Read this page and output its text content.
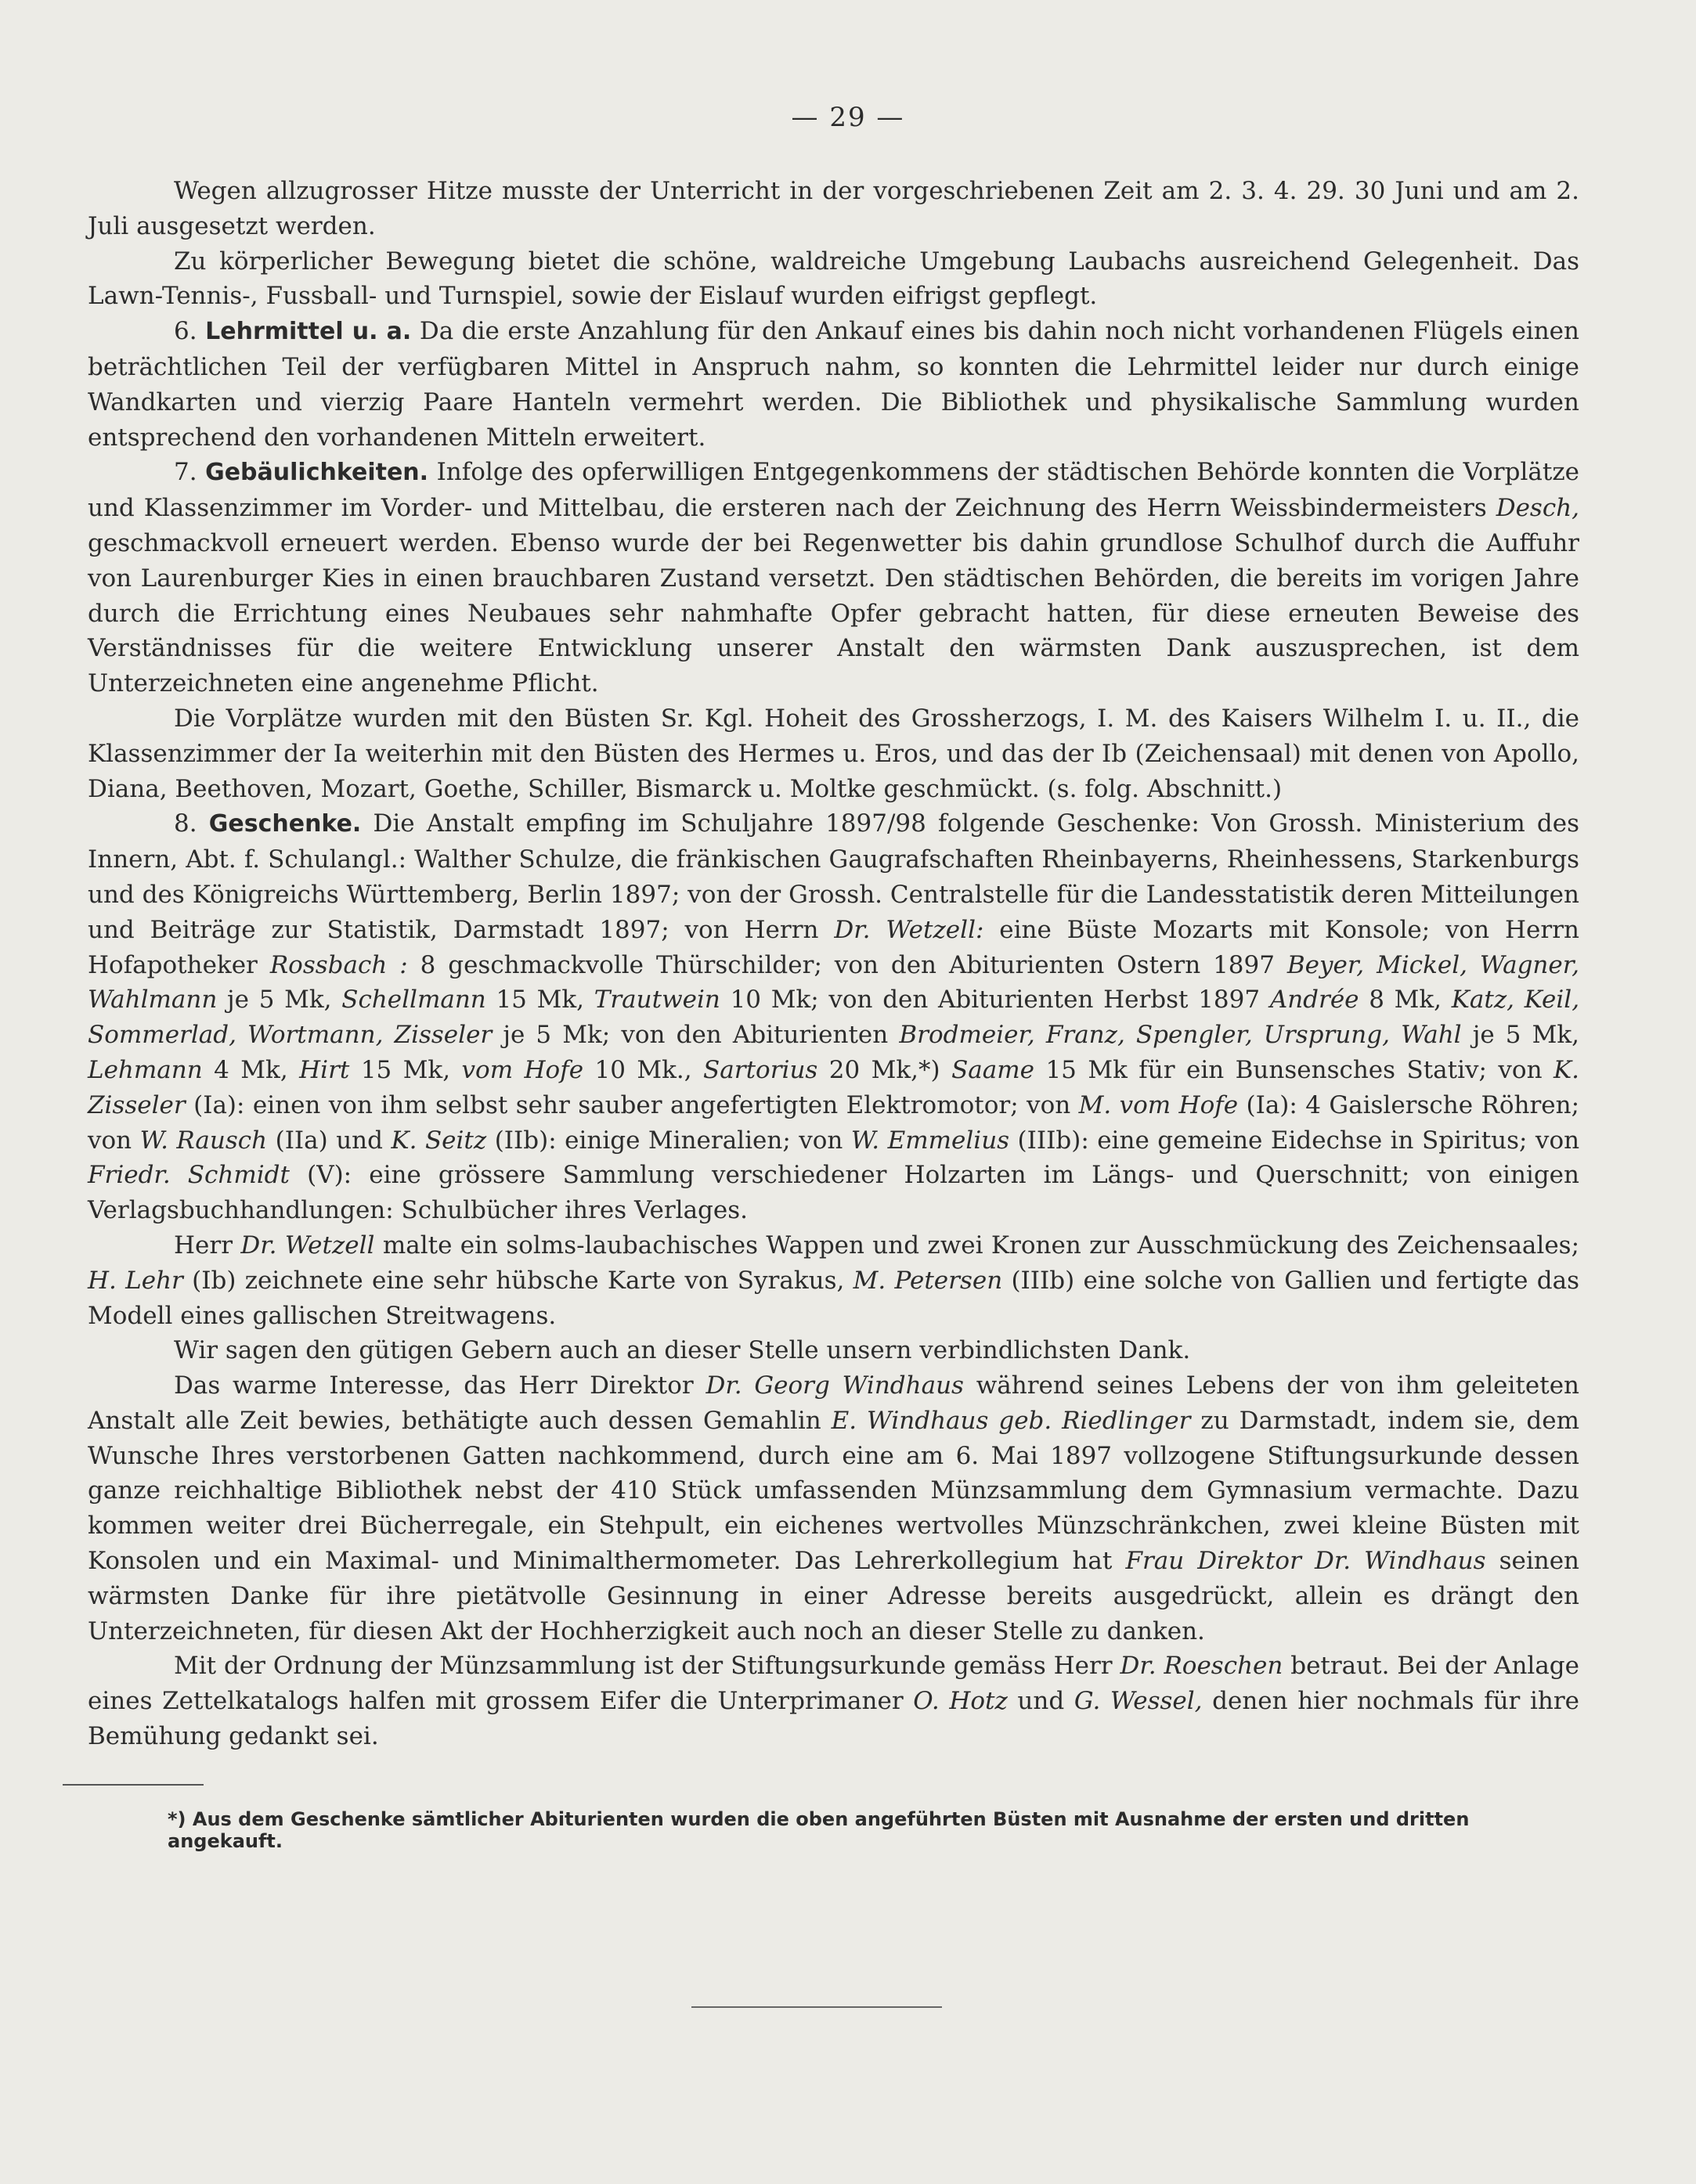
— 29 —

Wegen allzugrosser Hitze musste der Unterricht in der vorgeschriebenen Zeit am 2. 3. 4. 29. 30 Juni und am 2. Juli ausgesetzt werden.

Zu körperlicher Bewegung bietet die schöne, waldreiche Umgebung Laubachs ausreichend Gelegenheit. Das Lawn-Tennis-, Fussball- und Turnspiel, sowie der Eislauf wurden eifrigst gepflegt.

6. Lehrmittel u. a. Da die erste Anzahlung für den Ankauf eines bis dahin noch nicht vorhandenen Flügels einen beträchtlichen Teil der verfügbaren Mittel in Anspruch nahm, so konnten die Lehrmittel leider nur durch einige Wandkarten und vierzig Paare Hanteln vermehrt werden. Die Bibliothek und physikalische Sammlung wurden entsprechend den vorhandenen Mitteln erweitert.

7. Gebäulichkeiten. Infolge des opferwilligen Entgegenkommens der städtischen Behörde konnten die Vorplätze und Klassenzimmer im Vorder- und Mittelbau, die ersteren nach der Zeichnung des Herrn Weissbindermeisters Desch, geschmackvoll erneuert werden. Ebenso wurde der bei Regenwetter bis dahin grundlose Schulhof durch die Auffuhr von Laurenburger Kies in einen brauchbaren Zustand versetzt. Den städtischen Behörden, die bereits im vorigen Jahre durch die Errichtung eines Neubaues sehr nahmhafte Opfer gebracht hatten, für diese erneuten Beweise des Verständnisses für die weitere Entwicklung unserer Anstalt den wärmsten Dank auszusprechen, ist dem Unterzeichneten eine angenehme Pflicht.

Die Vorplätze wurden mit den Büsten Sr. Kgl. Hoheit des Grossherzogs, I. M. des Kaisers Wilhelm I. u. II., die Klassenzimmer der Ia weiterhin mit den Büsten des Hermes u. Eros, und das der Ib (Zeichensaal) mit denen von Apollo, Diana, Beethoven, Mozart, Goethe, Schiller, Bismarck u. Moltke geschmückt. (s. folg. Abschnitt.)

8. Geschenke. Die Anstalt empfing im Schuljahre 1897/98 folgende Geschenke: Von Grossh. Ministerium des Innern, Abt. f. Schulangl.: Walther Schulze, die fränkischen Gaugrafschaften Rheinbayerns, Rheinhessens, Starkenburgs und des Königreichs Württemberg, Berlin 1897; von der Grossh. Centralstelle für die Landesstatistik deren Mitteilungen und Beiträge zur Statistik, Darmstadt 1897; von Herrn Dr. Wetzell: eine Büste Mozarts mit Konsole; von Herrn Hofapotheker Rossbach : 8 geschmackvolle Thürschilder; von den Abiturienten Ostern 1897 Beyer, Mickel, Wagner, Wahlmann je 5 Mk, Schellmann 15 Mk, Trautwein 10 Mk; von den Abiturienten Herbst 1897 Andrée 8 Mk, Katz, Keil, Sommerlad, Wortmann, Zisseler je 5 Mk; von den Abiturienten Brodmeier, Franz, Spengler, Ursprung, Wahl je 5 Mk, Lehmann 4 Mk, Hirt 15 Mk, vom Hofe 10 Mk., Sartorius 20 Mk,*) Saame 15 Mk für ein Bunsensches Stativ; von K. Zisseler (Ia): einen von ihm selbst sehr sauber angefertigten Elektromotor; von M. vom Hofe (Ia): 4 Gaislersche Röhren; von W. Rausch (IIa) und K. Seitz (IIb): einige Mineralien; von W. Emmelius (IIIb): eine gemeine Eidechse in Spiritus; von Friedr. Schmidt (V): eine grössere Sammlung verschiedener Holzarten im Längs- und Querschnitt; von einigen Verlagsbuchhandlungen: Schulbücher ihres Verlages.

Herr Dr. Wetzell malte ein solms-laubachisches Wappen und zwei Kronen zur Ausschmückung des Zeichensaales; H. Lehr (Ib) zeichnete eine sehr hübsche Karte von Syrakus, M. Petersen (IIIb) eine solche von Gallien und fertigte das Modell eines gallischen Streitwagens.

Wir sagen den gütigen Gebern auch an dieser Stelle unsern verbindlichsten Dank.

Das warme Interesse, das Herr Direktor Dr. Georg Windhaus während seines Lebens der von ihm geleiteten Anstalt alle Zeit bewies, bethätigte auch dessen Gemahlin E. Windhaus geb. Riedlinger zu Darmstadt, indem sie, dem Wunsche Ihres verstorbenen Gatten nachkommend, durch eine am 6. Mai 1897 vollzogene Stiftungsurkunde dessen ganze reichhaltige Bibliothek nebst der 410 Stück umfassenden Münzsammlung dem Gymnasium vermachte. Dazu kommen weiter drei Bücherregale, ein Stehpult, ein eichenes wertvolles Münzschränkchen, zwei kleine Büsten mit Konsolen und ein Maximal- und Minimalthermometer. Das Lehrerkollegium hat Frau Direktor Dr. Windhaus seinen wärmsten Danke für ihre pietätvolle Gesinnung in einer Adresse bereits ausgedrückt, allein es drängt den Unterzeichneten, für diesen Akt der Hochherzigkeit auch noch an dieser Stelle zu danken.

Mit der Ordnung der Münzsammlung ist der Stiftungsurkunde gemäss Herr Dr. Roeschen betraut. Bei der Anlage eines Zettelkatalogs halfen mit grossem Eifer die Unterprimaner O. Hotz und G. Wessel, denen hier nochmals für ihre Bemühung gedankt sei.

*) Aus dem Geschenke sämtlicher Abiturienten wurden die oben angeführten Büsten mit Ausnahme der ersten und dritten angekauft.
